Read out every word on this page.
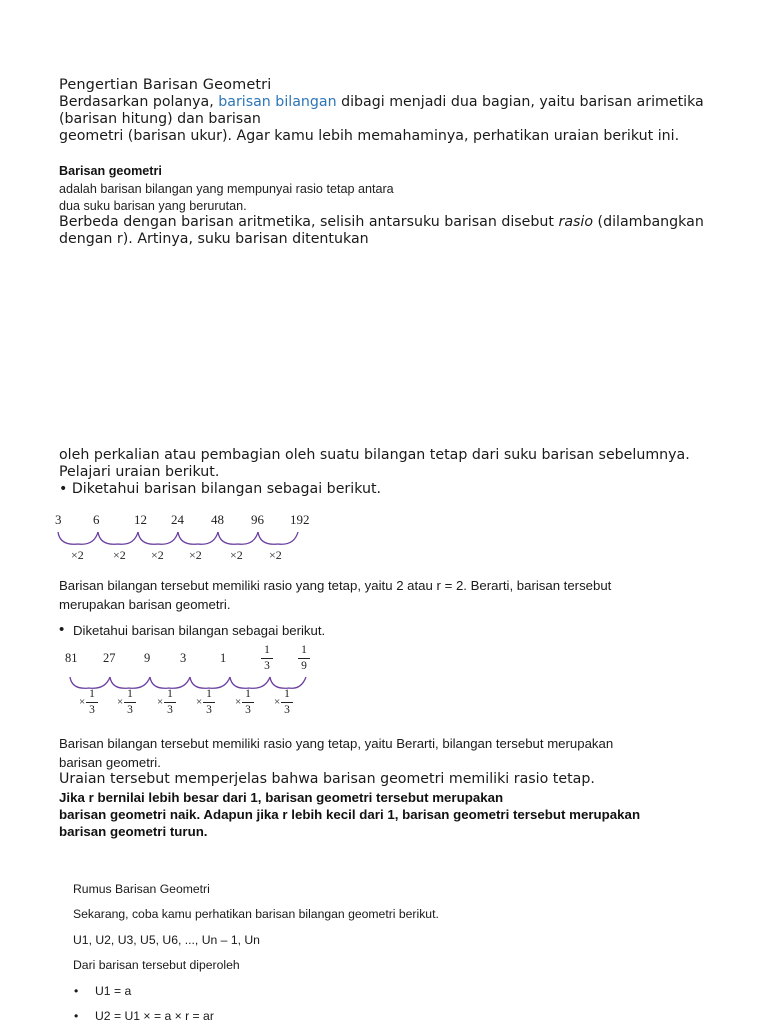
Pengertian Barisan Geometri
Berdasarkan polanya, barisan bilangan dibagi menjadi dua bagian, yaitu barisan arimetika
(barisan hitung) dan barisan
geometri (barisan ukur). Agar kamu lebih memahaminya, perhatikan uraian berikut ini.
Barisan geometri
adalah barisan bilangan yang mempunyai rasio tetap antara
dua suku barisan yang berurutan.
Berbeda dengan barisan aritmetika, selisih antarsuku barisan disebut rasio (dilambangkan
dengan r). Artinya, suku barisan ditentukan
oleh perkalian atau pembagian oleh suatu bilangan tetap dari suku barisan sebelumnya.
Pelajari uraian berikut.
• Diketahui barisan bilangan sebagai berikut.
3 6	12 24 48 96 192
×2 ×2 ×2 ×2 ×2 ×2
Barisan bilangan tersebut memiliki rasio yang tetap, yaitu 2 atau r = 2. Berarti, barisan tersebut
merupakan barisan geometri.
• Diketahui barisan bilangan sebagai berikut.
81 27 9 3	1
1
3
1
9
×
1
3
×
1
3
×
1
3
×
1
3
×
1
3
×
1
3
Barisan bilangan tersebut memiliki rasio yang tetap, yaitu Berarti, bilangan tersebut merupakan
barisan geometri.
Uraian tersebut memperjelas bahwa barisan geometri memiliki rasio tetap.
Jika r bernilai lebih besar dari 1, barisan geometri tersebut merupakan
barisan geometri naik. Adapun jika r lebih kecil dari 1, barisan geometri tersebut merupakan
barisan geometri turun.
Rumus Barisan Geometri
Sekarang, coba kamu perhatikan barisan bilangan geometri berikut.
U1, U2, U3, U5, U6, ..., Un – 1, Un
Dari barisan tersebut diperoleh
• U1 = a
• U2 = U1 × = a × r = ar
